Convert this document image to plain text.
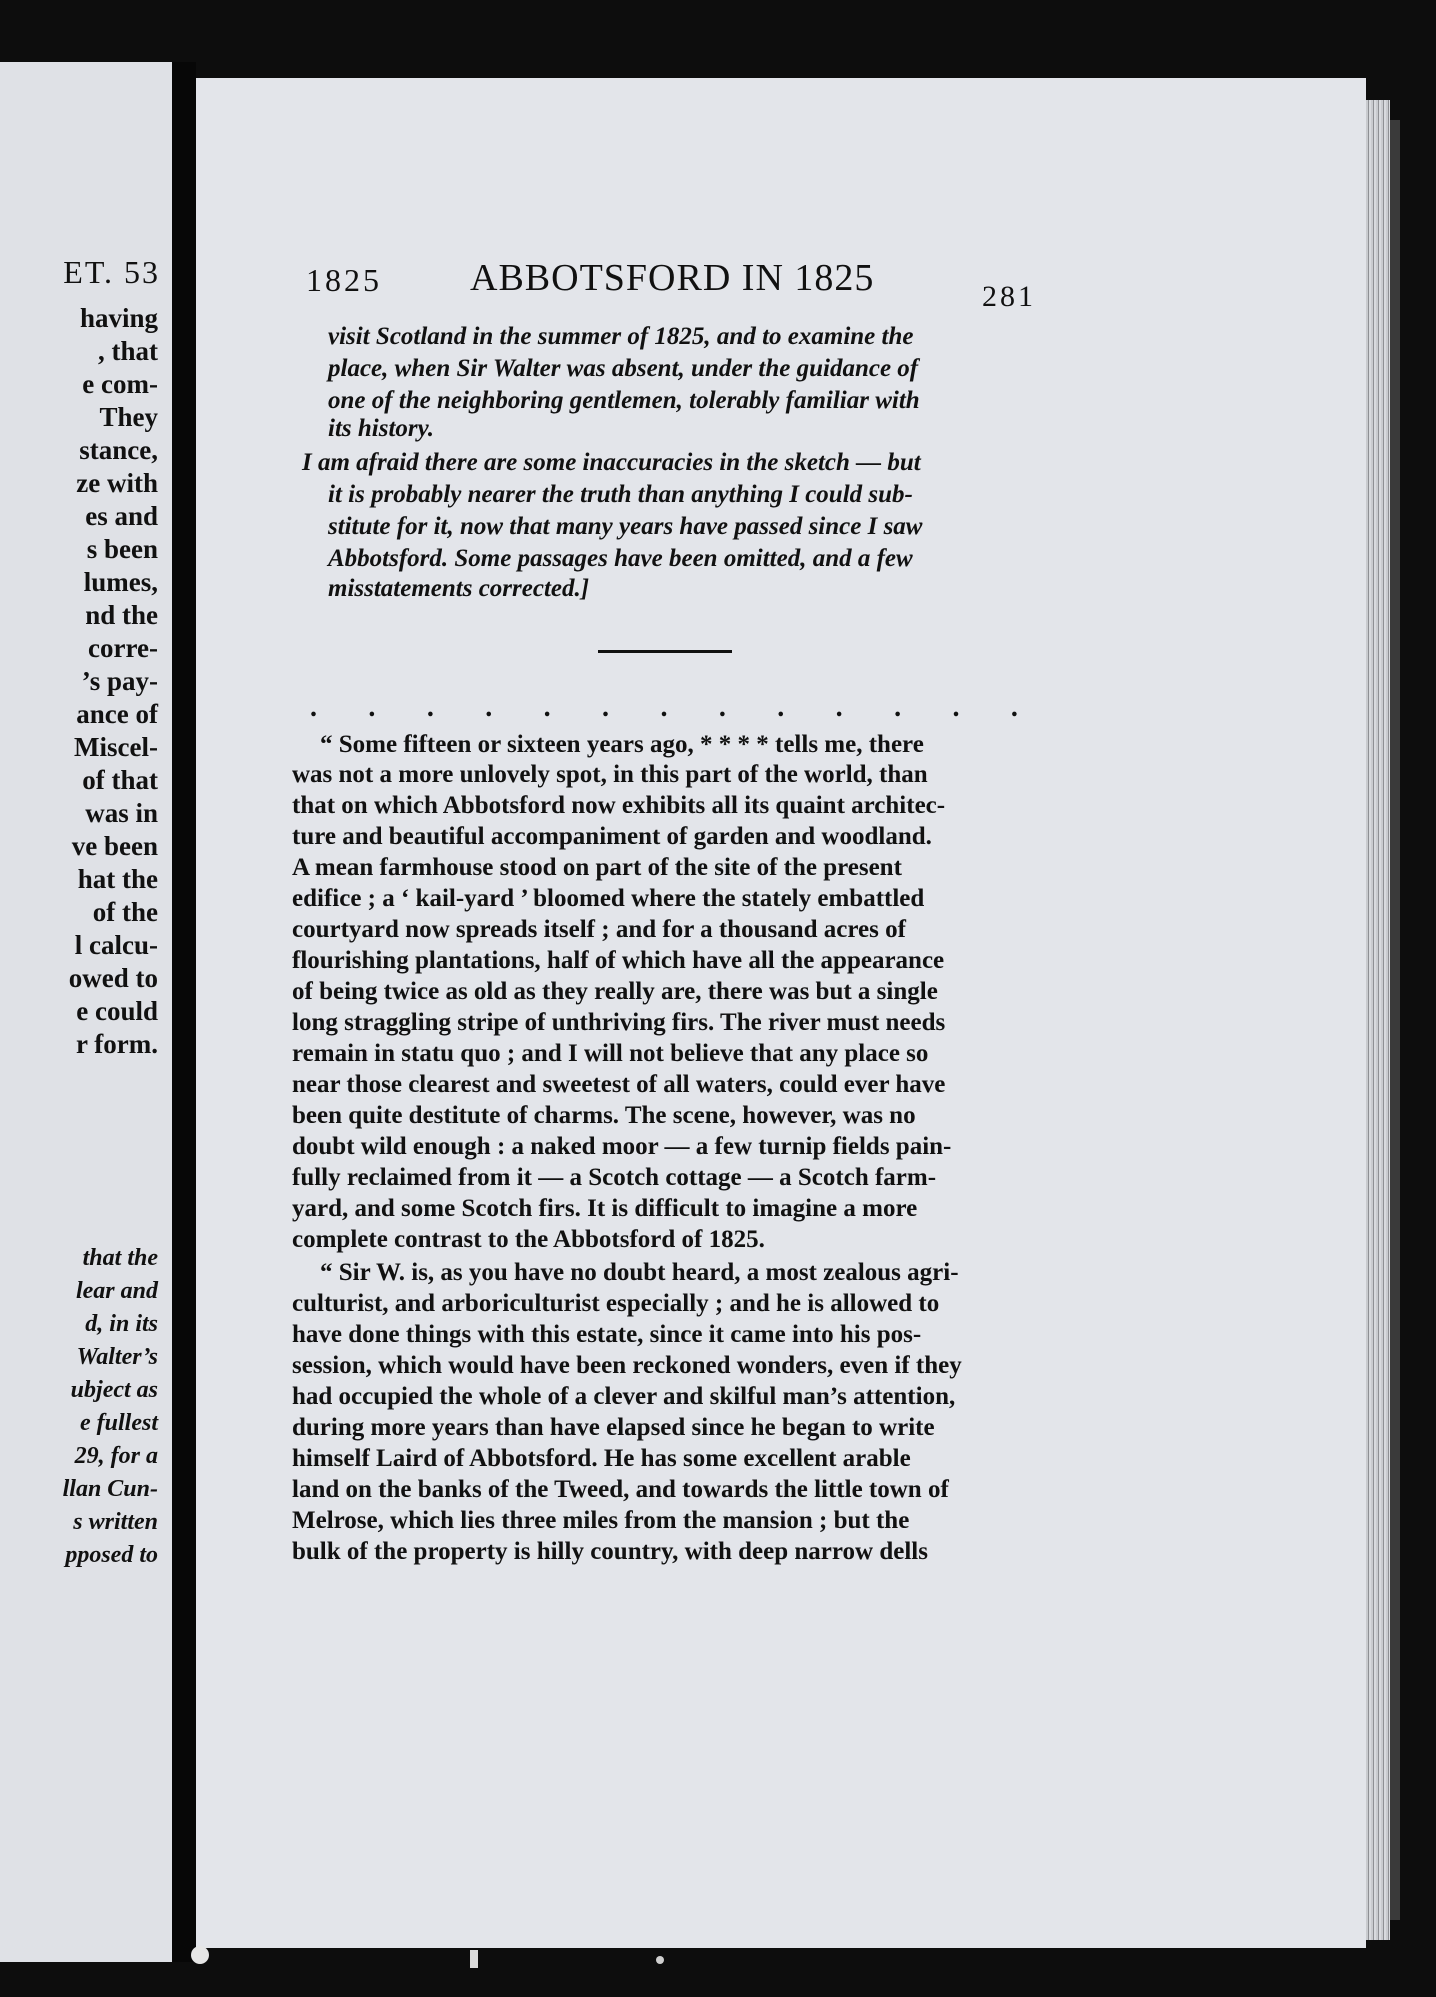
ET. 53
having
, that
e com-
They
stance,
ze with
es and
s been
lumes,
nd the
corre-
’s pay-
ance of
Miscel-
of that
was in
ve been
hat the
of the
l calcu-
owed to
e could
r form.
that the
lear and
d, in its
Walter’s
ubject as
e fullest
29, for a
llan Cun-
s written
pposed to
1825 ABBOTSFORD IN 1825	281
visit Scotland in the summer of 1825, and to examine the
place, when Sir Walter was absent, under the guidance of
one of the neighboring gentlemen, tolerably familiar with
its history.
I am afraid there are some inaccuracies in the sketch — but
it is probably nearer the truth than anything I could sub-
stitute for it, now that many years have passed since I saw
Abbotsford. Some passages have been omitted, and a few
misstatements corrected.]
. . . . . . . . . . . . .
“ Some fifteen or sixteen years ago, * * * * tells me, there
was not a more unlovely spot, in this part of the world, than
that on which Abbotsford now exhibits all its quaint architec-
ture and beautiful accompaniment of garden and woodland.
A mean farmhouse stood on part of the site of the present
edifice ; a ‘ kail-yard ’ bloomed where the stately embattled
courtyard now spreads itself ; and for a thousand acres of
flourishing plantations, half of which have all the appearance
of being twice as old as they really are, there was but a single
long straggling stripe of unthriving firs. The river must needs
remain in statu quo ; and I will not believe that any place so
near those clearest and sweetest of all waters, could ever have
been quite destitute of charms. The scene, however, was no
doubt wild enough : a naked moor — a few turnip fields pain-
fully reclaimed from it — a Scotch cottage — a Scotch farm-
yard, and some Scotch firs. It is difficult to imagine a more
complete contrast to the Abbotsford of 1825.
“ Sir W. is, as you have no doubt heard, a most zealous agri-
culturist, and arboriculturist especially ; and he is allowed to
have done things with this estate, since it came into his pos-
session, which would have been reckoned wonders, even if they
had occupied the whole of a clever and skilful man’s attention,
during more years than have elapsed since he began to write
himself Laird of Abbotsford. He has some excellent arable
land on the banks of the Tweed, and towards the little town of
Melrose, which lies three miles from the mansion ; but the
bulk of the property is hilly country, with deep narrow dells
